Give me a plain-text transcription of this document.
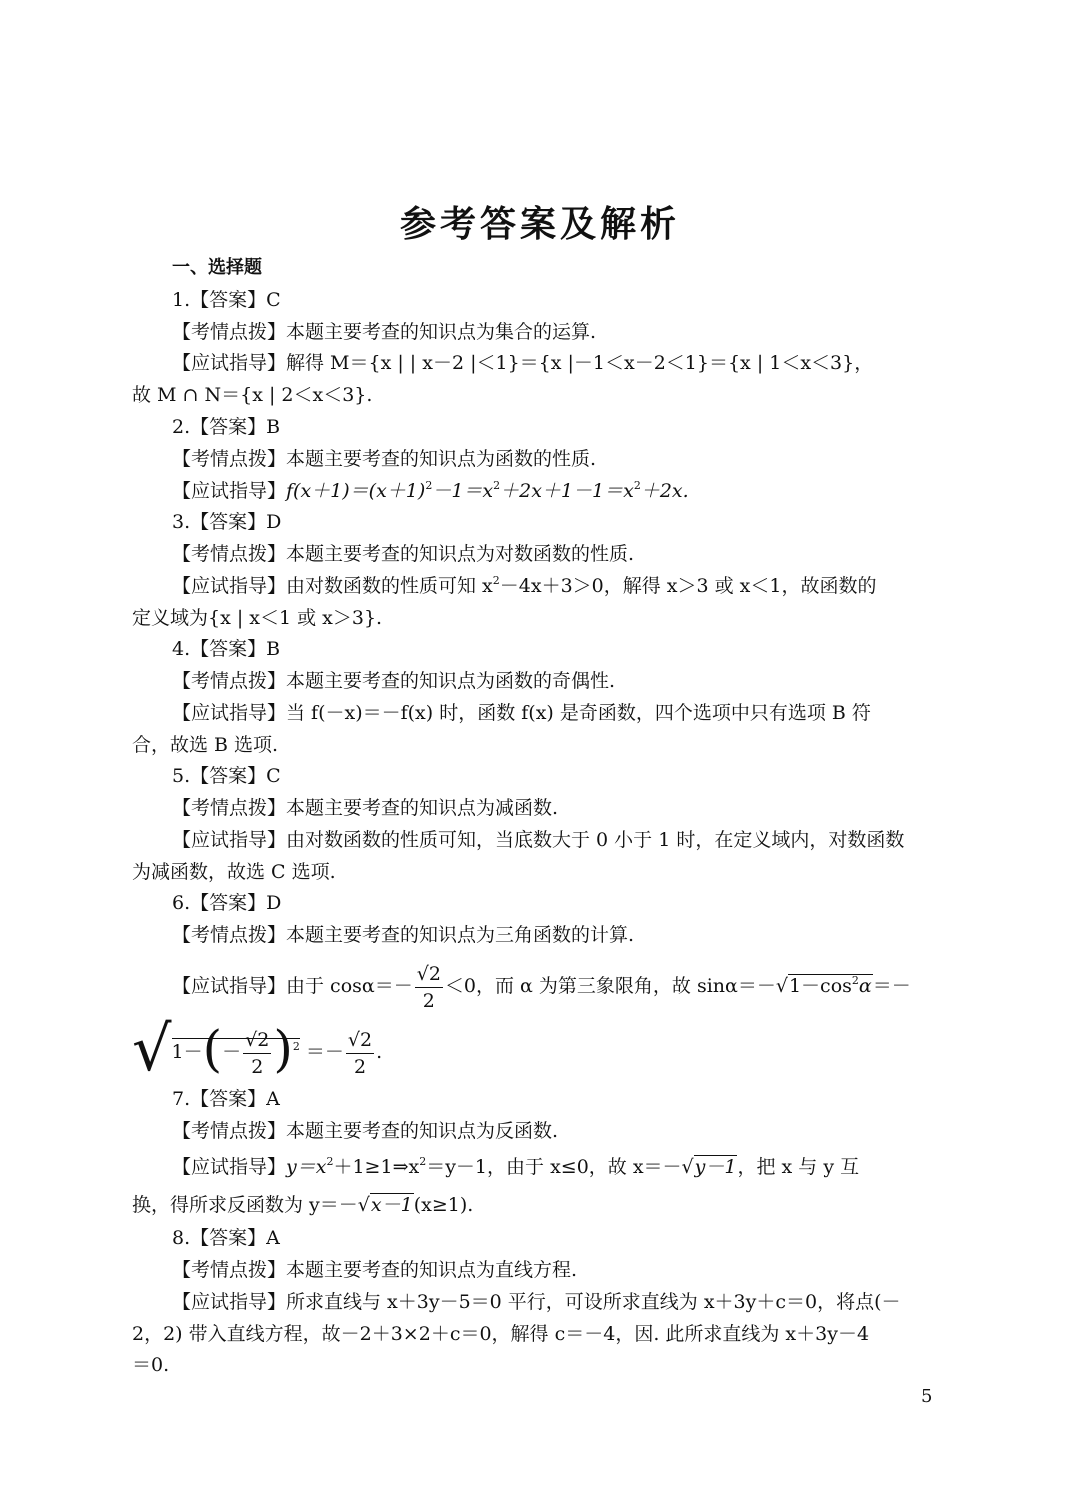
参考答案及解析
一、选择题
1.【答案】C
【考情点拨】本题主要考查的知识点为集合的运算.
【应试指导】解得 M＝{x | | x－2 |＜1}＝{x |－1＜x－2＜1}＝{x | 1＜x＜3}，
故 M ∩ N＝{x | 2＜x＜3}.
2.【答案】B
【考情点拨】本题主要考查的知识点为函数的性质.
【应试指导】$f(x+1)=(x+1)^2-1=x^2+2x+1-1=x^2+2x$.
3.【答案】D
【考情点拨】本题主要考查的知识点为对数函数的性质.
【应试指导】由对数函数的性质可知 $x^2-4x+3>0$，解得 x＞3 或 x＜1，故函数的
定义域为{x | x＜1 或 x＞3}.
4.【答案】B
【考情点拨】本题主要考查的知识点为函数的奇偶性.
【应试指导】当 f(－x)＝－f(x) 时，函数 f(x) 是奇函数，四个选项中只有选项 B 符
合，故选 B 选项.
5.【答案】C
【考情点拨】本题主要考查的知识点为减函数.
【应试指导】由对数函数的性质可知，当底数大于 0 小于 1 时，在定义域内，对数函数
为减函数，故选 C 选项.
6.【答案】D
【考情点拨】本题主要考查的知识点为三角函数的计算.
【应试指导】由于 $\cos\alpha=- \frac{√2}{2} <0$，而 α 为第三象限角，故 $\sin\alpha=-√1-\cos^2\alpha=-$
$√1-(- \frac{√2}{2} )^2 =- \frac{√2}{2}$ .
7.【答案】A
【考情点拨】本题主要考查的知识点为反函数.
【应试指导】$y=x^2+1\ge 1\Rightarrow x^2=y-1$，由于 x≤0，故 x＝－√y－1，把 x 与 y 互
换，得所求反函数为 y＝－√x－1(x≥1).
8.【答案】A
【考情点拨】本题主要考查的知识点为直线方程.
【应试指导】所求直线与 x＋3y－5＝0 平行，可设所求直线为 x＋3y＋c＝0，将点(－
2，2) 带入直线方程，故－2＋3×2＋c＝0，解得 c＝－4，因. 此所求直线为 x＋3y－4
＝0.
5
